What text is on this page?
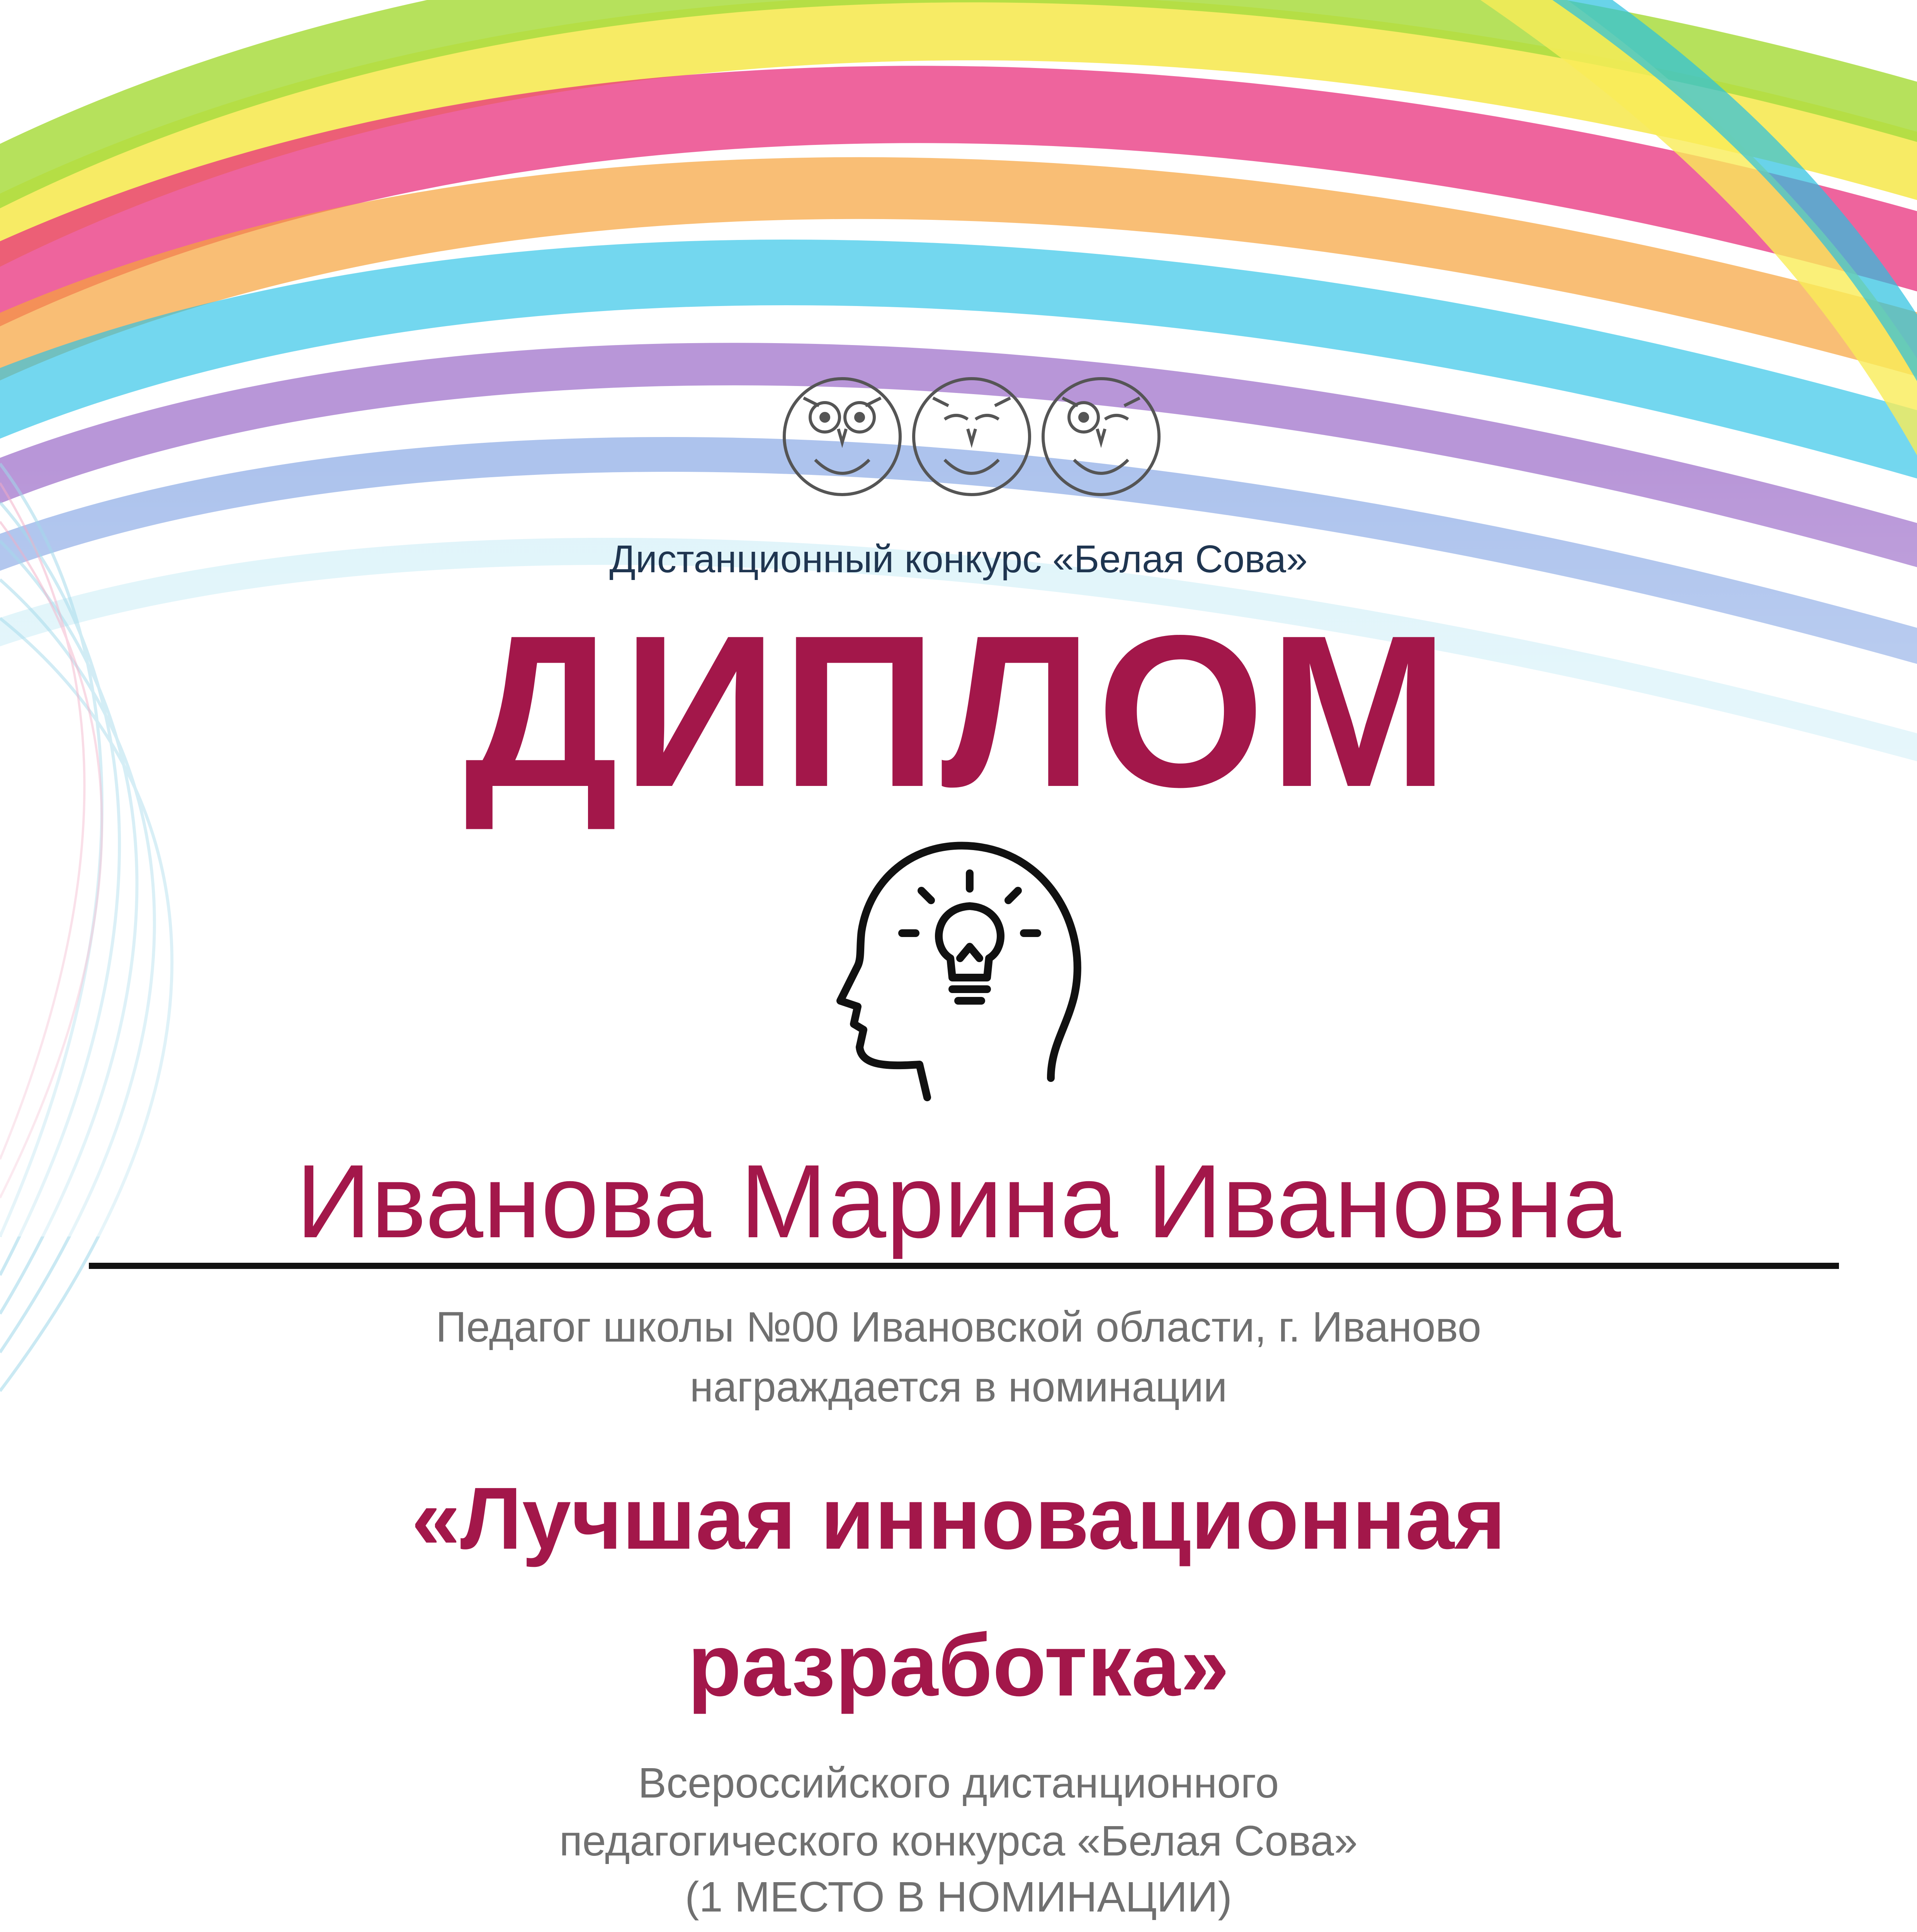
Дистанционный конкурс «Белая Сова»
ДИПЛОМ
Иванова Марина Ивановна
Педагог школы №00 Ивановской области, г. Иваново
награждается в номинации
«Лучшая инновационная
разработка»
Всероссийского дистанционного
педагогического конкурса «Белая Сова»
(1 МЕСТО В НОМИНАЦИИ)
